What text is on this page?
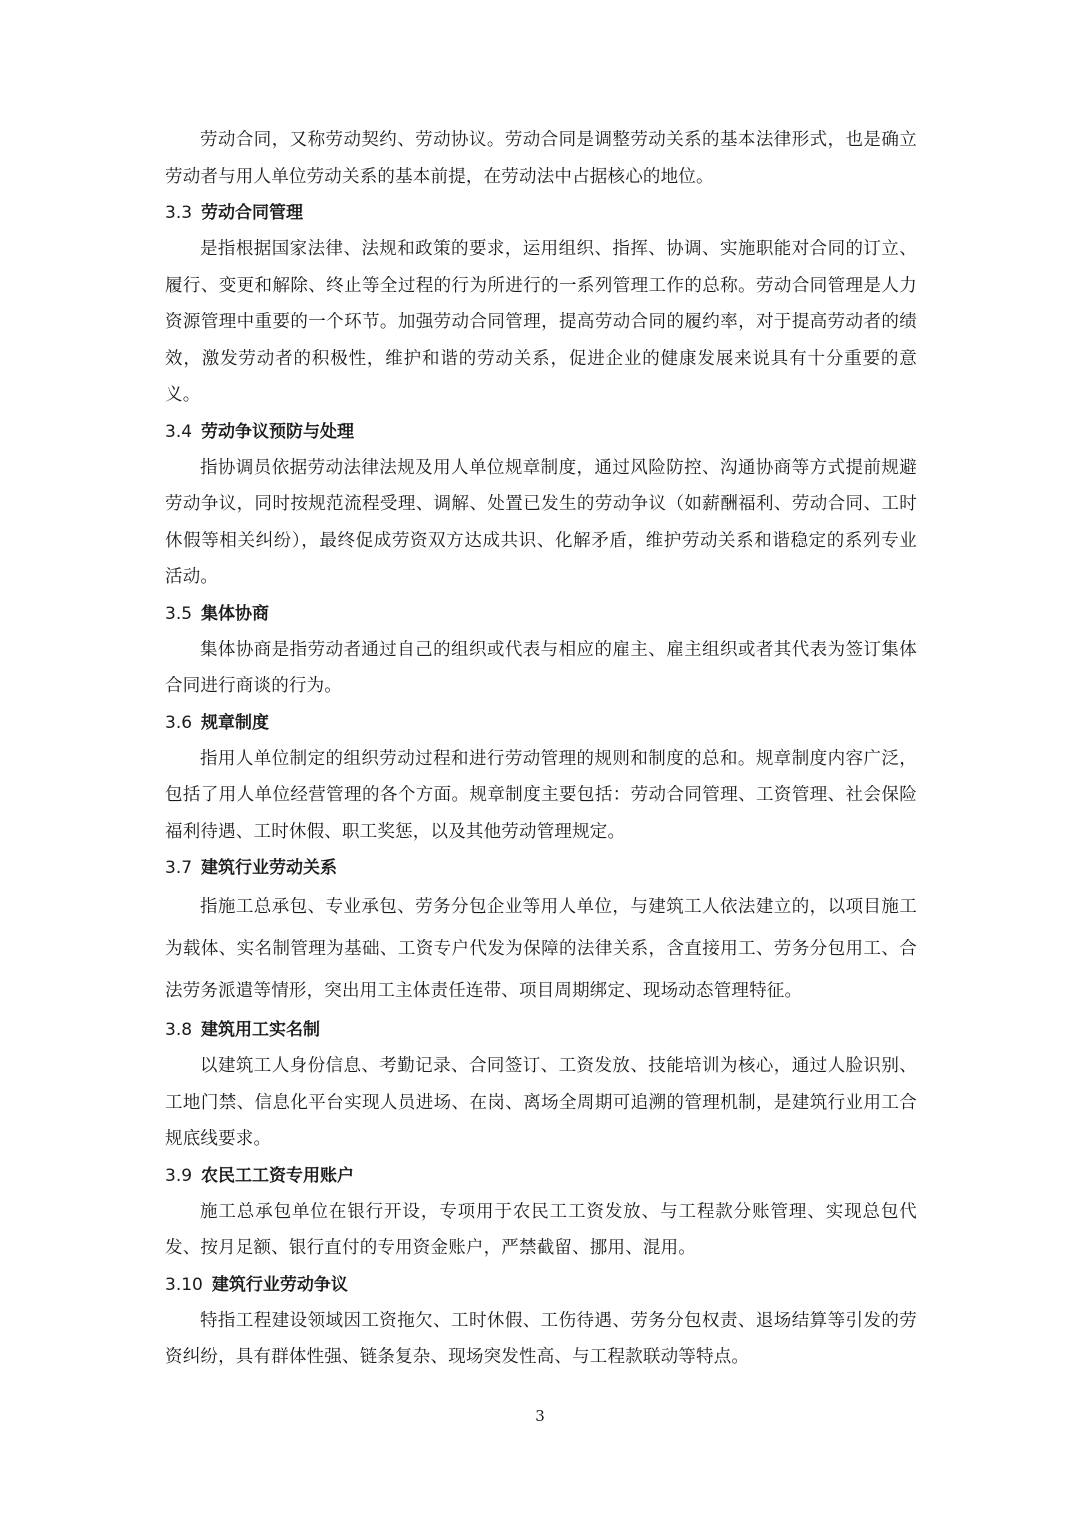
劳动合同，又称劳动契约、劳动协议。劳动合同是调整劳动关系的基本法律形式，也是确立劳动者与用人单位劳动关系的基本前提，在劳动法中占据核心的地位。

3.3 劳动合同管理

是指根据国家法律、法规和政策的要求，运用组织、指挥、协调、实施职能对合同的订立、履行、变更和解除、终止等全过程的行为所进行的一系列管理工作的总称。劳动合同管理是人力资源管理中重要的一个环节。加强劳动合同管理，提高劳动合同的履约率，对于提高劳动者的绩效，激发劳动者的积极性，维护和谐的劳动关系，促进企业的健康发展来说具有十分重要的意义。

3.4 劳动争议预防与处理

指协调员依据劳动法律法规及用人单位规章制度，通过风险防控、沟通协商等方式提前规避劳动争议，同时按规范流程受理、调解、处置已发生的劳动争议（如薪酬福利、劳动合同、工时休假等相关纠纷），最终促成劳资双方达成共识、化解矛盾，维护劳动关系和谐稳定的系列专业活动。

3.5 集体协商

集体协商是指劳动者通过自己的组织或代表与相应的雇主、雇主组织或者其代表为签订集体合同进行商谈的行为。

3.6 规章制度

指用人单位制定的组织劳动过程和进行劳动管理的规则和制度的总和。规章制度内容广泛，包括了用人单位经营管理的各个方面。规章制度主要包括：劳动合同管理、工资管理、社会保险福利待遇、工时休假、职工奖惩，以及其他劳动管理规定。

3.7 建筑行业劳动关系

指施工总承包、专业承包、劳务分包企业等用人单位，与建筑工人依法建立的，以项目施工为载体、实名制管理为基础、工资专户代发为保障的法律关系，含直接用工、劳务分包用工、合法劳务派遣等情形，突出用工主体责任连带、项目周期绑定、现场动态管理特征。

3.8 建筑用工实名制

以建筑工人身份信息、考勤记录、合同签订、工资发放、技能培训为核心，通过人脸识别、工地门禁、信息化平台实现人员进场、在岗、离场全周期可追溯的管理机制，是建筑行业用工合规底线要求。

3.9 农民工工资专用账户

施工总承包单位在银行开设，专项用于农民工工资发放、与工程款分账管理、实现总包代发、按月足额、银行直付的专用资金账户，严禁截留、挪用、混用。

3.10 建筑行业劳动争议

特指工程建设领域因工资拖欠、工时休假、工伤待遇、劳务分包权责、退场结算等引发的劳资纠纷，具有群体性强、链条复杂、现场突发性高、与工程款联动等特点。

3
